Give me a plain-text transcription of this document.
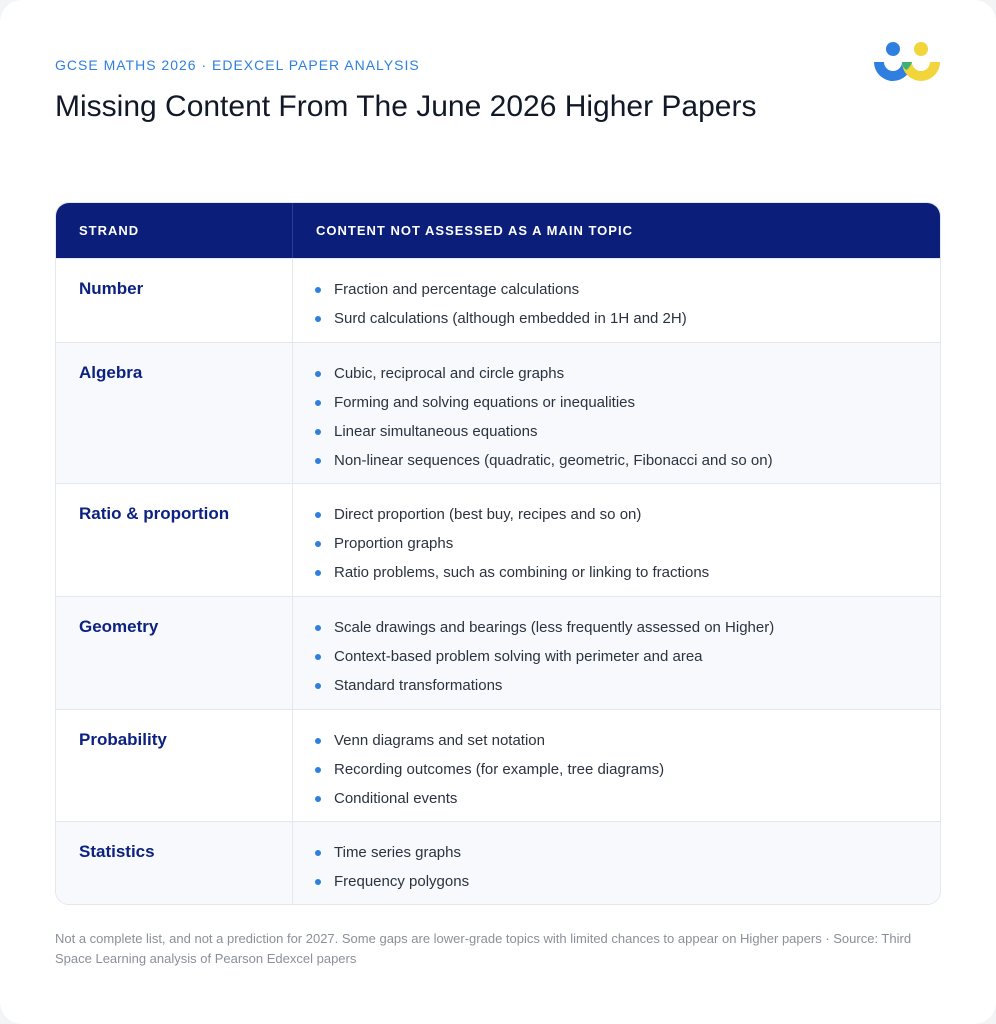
GCSE MATHS 2026 · EDEXCEL PAPER ANALYSIS
Missing Content From The June 2026 Higher Papers
STRAND	CONTENT NOT ASSESSED AS A MAIN TOPIC
Number	Fraction and percentage calculations
Surd calculations (although embedded in 1H and 2H)
Algebra	Cubic, reciprocal and circle graphs
Forming and solving equations or inequalities
Linear simultaneous equations
Non-linear sequences (quadratic, geometric, Fibonacci and so on)
Ratio & proportion	Direct proportion (best buy, recipes and so on)
Proportion graphs
Ratio problems, such as combining or linking to fractions
Geometry	Scale drawings and bearings (less frequently assessed on Higher)
Context-based problem solving with perimeter and area
Standard transformations
Probability	Venn diagrams and set notation
Recording outcomes (for example, tree diagrams)
Conditional events
Statistics	Time series graphs
Frequency polygons
Not a complete list, and not a prediction for 2027. Some gaps are lower-grade topics with limited chances to appear on Higher papers · Source: Third Space Learning analysis of Pearson Edexcel papers
